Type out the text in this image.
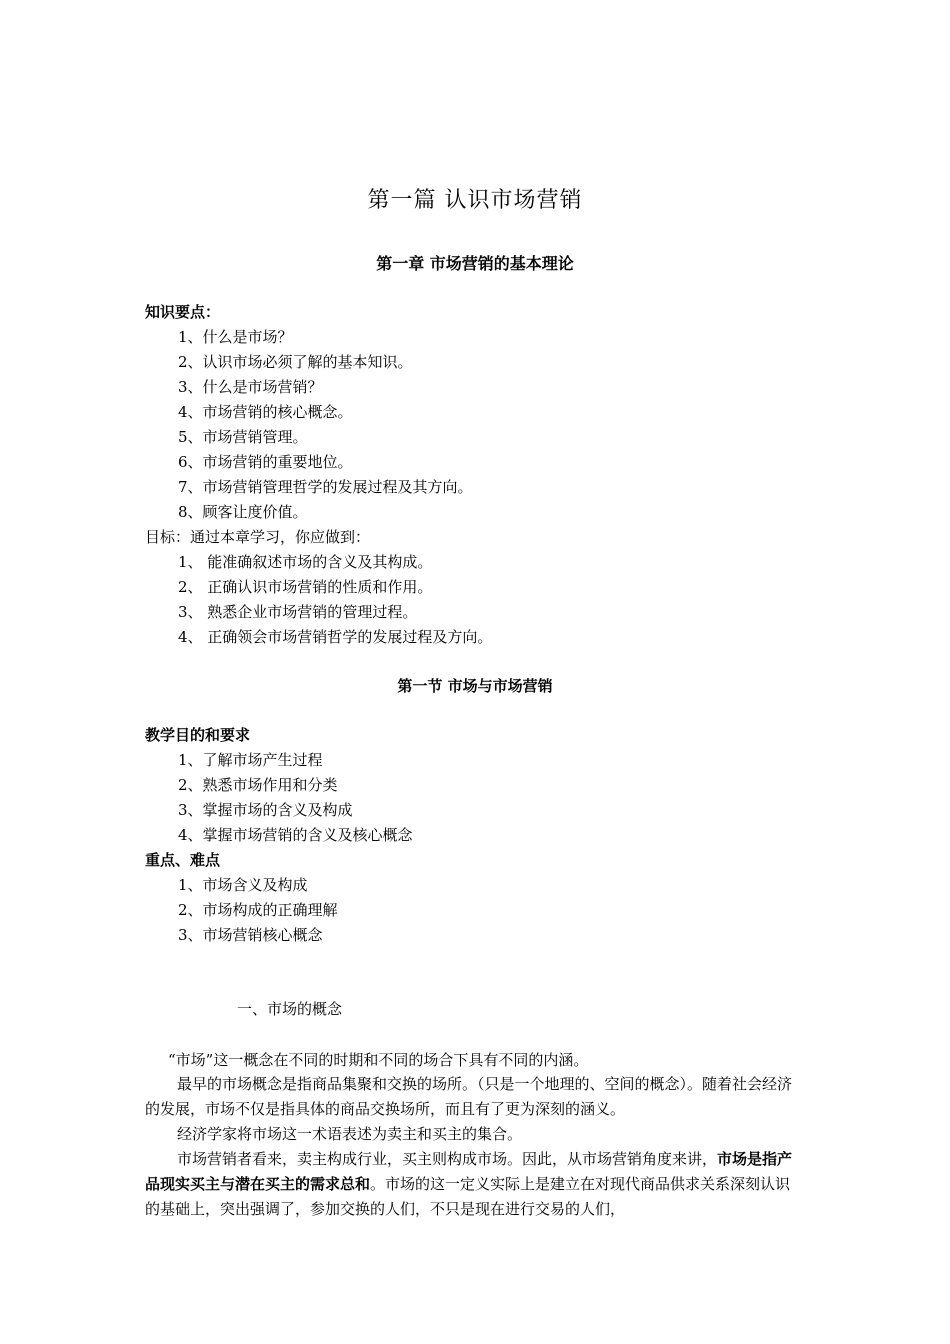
第一篇 认识市场营销
第一章 市场营销的基本理论
知识要点：
1、什么是市场？
2、认识市场必须了解的基本知识。
3、什么是市场营销？
4、市场营销的核心概念。
5、市场营销管理。
6、市场营销的重要地位。
7、市场营销管理哲学的发展过程及其方向。
8、顾客让度价值。
目标：通过本章学习，你应做到：
1、 能准确叙述市场的含义及其构成。
2、 正确认识市场营销的性质和作用。
3、 熟悉企业市场营销的管理过程。
4、 正确领会市场营销哲学的发展过程及方向。
第一节 市场与市场营销
教学目的和要求
1、了解市场产生过程
2、熟悉市场作用和分类
3、掌握市场的含义及构成
4、掌握市场营销的含义及核心概念
重点、难点
1、市场含义及构成
2、市场构成的正确理解
3、市场营销核心概念
一、市场的概念
“市场”这一概念在不同的时期和不同的场合下具有不同的内涵。
最早的市场概念是指商品集聚和交换的场所。（只是一个地理的、空间的概念）。随着社会经济的发展，市场不仅是指具体的商品交换场所，而且有了更为深刻的涵义。
经济学家将市场这一术语表述为卖主和买主的集合。
市场营销者看来，卖主构成行业，买主则构成市场。因此，从市场营销角度来讲，市场是指产品现实买主与潜在买主的需求总和。市场的这一定义实际上是建立在对现代商品供求关系深刻认识的基础上，突出强调了，参加交换的人们，不只是现在进行交易的人们，
